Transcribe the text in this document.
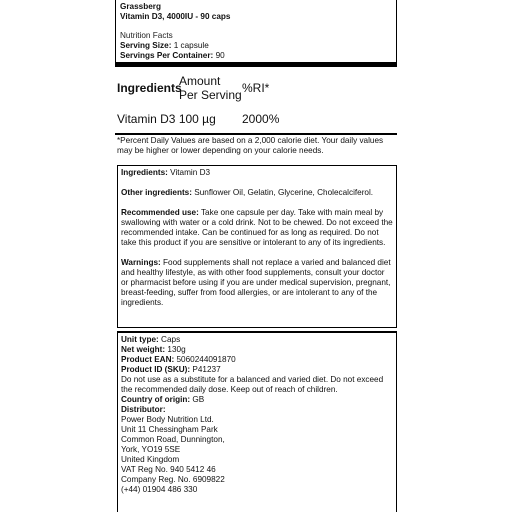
Grassberg
Vitamin D3, 4000IU - 90 caps
Nutrition Facts
Serving Size: 1 capsule
Servings Per Container: 90
Ingredients
Amount Per Serving %RI*
Vitamin D3 100 µg	2000%
*Percent Daily Values are based on a 2,000 calorie diet. Your daily values may be higher or lower depending on your calorie needs.

Ingredients: Vitamin D3

Other ingredients: Sunflower Oil, Gelatin, Glycerine, Cholecalciferol.

Recommended use: Take one capsule per day. Take with main meal by swallowing with water or a cold drink. Not to be chewed. Do not exceed the recommended intake. Can be continued for as long as required. Do not take this product if you are sensitive or intolerant to any of its ingredients.

Warnings: Food supplements shall not replace a varied and balanced diet and healthy lifestyle, as with other food supplements, consult your doctor or pharmacist before using if you are under medical supervision, pregnant, breast-feeding, suffer from food allergies, or are intolerant to any of the ingredients.

Unit type: Caps
Net weight: 130g
Product EAN: 5060244091870
Product ID (SKU): P41237
Do not use as a substitute for a balanced and varied diet. Do not exceed the recommended daily dose. Keep out of reach of children.
Country of origin: GB
Distributor:
Power Body Nutrition Ltd.
Unit 11 Chessingham Park
Common Road, Dunnington,
York, YO19 5SE
United Kingdom
VAT Reg No. 940 5412 46
Company Reg. No. 6909822
(+44) 01904 486 330
